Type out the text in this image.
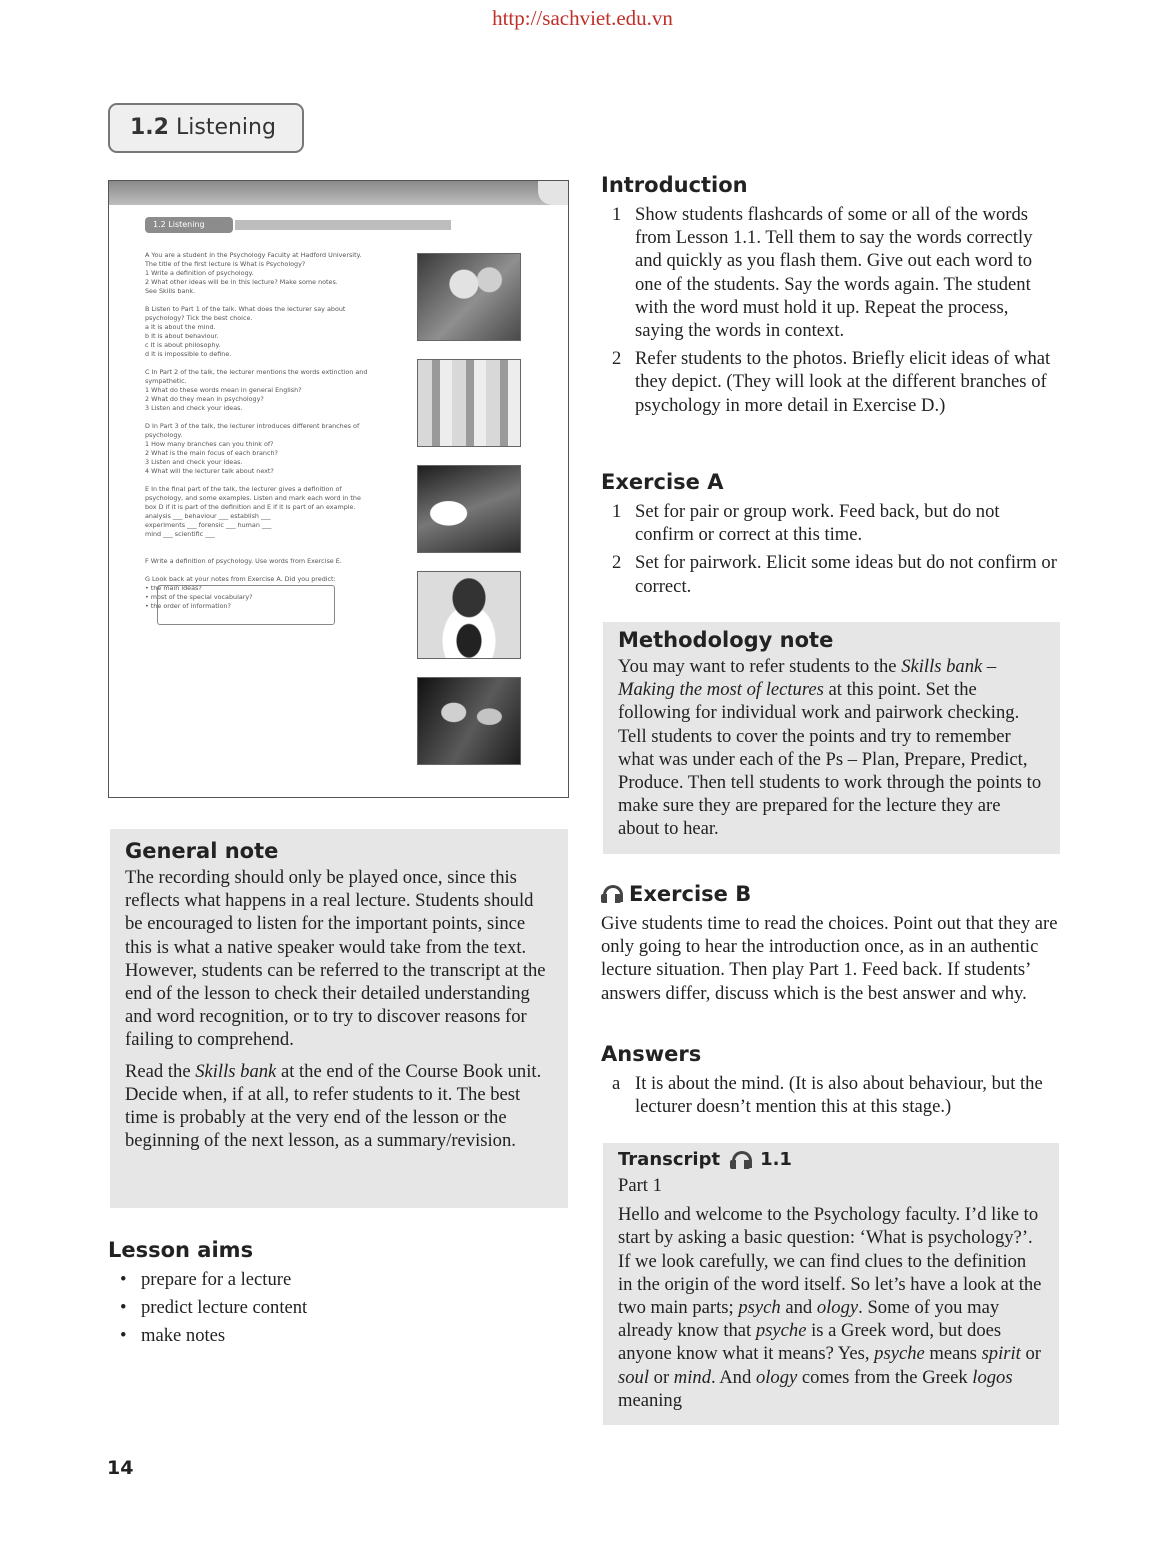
http://sachviet.edu.vn
1.2 Listening
1.2 Listening

A You are a student in the Psychology Faculty at Hadford University.

The title of the first lecture is What is Psychology?

1 Write a definition of psychology.

2 What other ideas will be in this lecture? Make some notes.

See Skills bank.

B Listen to Part 1 of the talk. What does the lecturer say about

psychology? Tick the best choice.

a It is about the mind.

b It is about behaviour.

c It is about philosophy.

d It is impossible to define.

C In Part 2 of the talk, the lecturer mentions the words extinction and

sympathetic.

1 What do these words mean in general English?

2 What do they mean in psychology?

3 Listen and check your ideas.

D In Part 3 of the talk, the lecturer introduces different branches of

psychology.

1 How many branches can you think of?

2 What is the main focus of each branch?

3 Listen and check your ideas.

4 What will the lecturer talk about next?

E In the final part of the talk, the lecturer gives a definition of

psychology, and some examples. Listen and mark each word in the

box D if it is part of the definition and E if it is part of an example.

analysis ___ behaviour ___ establish ___

experiments ___ forensic ___ human ___

mind ___ scientific ___

F Write a definition of psychology. Use words from Exercise E.

G Look back at your notes from Exercise A. Did you predict:

• the main ideas?

• most of the special vocabulary?

• the order of information?

General note

The recording should only be played once, since this reflects what happens in a real lecture. Students should be encouraged to listen for the important points, since this is what a native speaker would take from the text. However, students can be referred to the transcript at the end of the lesson to check their detailed understanding and word recognition, or to try to discover reasons for failing to comprehend.

Read the Skills bank at the end of the Course Book unit. Decide when, if at all, to refer students to it. The best time is probably at the very end of the lesson or the beginning of the next lesson, as a summary/revision.

Lesson aims
• prepare for a lecture
• predict lecture content
• make notes
Introduction
1 Show students flashcards of some or all of the words from Lesson 1.1. Tell them to say the words correctly and quickly as you flash them. Give out each word to one of the students. Say the words again. The student with the word must hold it up. Repeat the process, saying the words in context.
2 Refer students to the photos. Briefly elicit ideas of what they depict. (They will look at the different branches of psychology in more detail in Exercise D.)
Exercise A
1 Set for pair or group work. Feed back, but do not confirm or correct at this time.
2 Set for pairwork. Elicit some ideas but do not confirm or correct.
Methodology note

You may want to refer students to the Skills bank – Making the most of lectures at this point. Set the following for individual work and pairwork checking. Tell students to cover the points and try to remember what was under each of the Ps – Plan, Prepare, Predict, Produce. Then tell students to work through the points to make sure they are prepared for the lecture they are about to hear.

Exercise B
Give students time to read the choices. Point out that they are only going to hear the introduction once, as in an authentic lecture situation. Then play Part 1. Feed back. If students’ answers differ, discuss which is the best answer and why.
Answers
a It is about the mind. (It is also about behaviour, but the lecturer doesn’t mention this at this stage.)
Transcript 1.1

Part 1

Hello and welcome to the Psychology faculty. I’d like to start by asking a basic question: ‘What is psychology?’. If we look carefully, we can find clues to the definition in the origin of the word itself. So let’s have a look at the two main parts; psych and ology. Some of you may already know that psyche is a Greek word, but does anyone know what it means? Yes, psyche means spirit or soul or mind. And ology comes from the Greek logos meaning

14
